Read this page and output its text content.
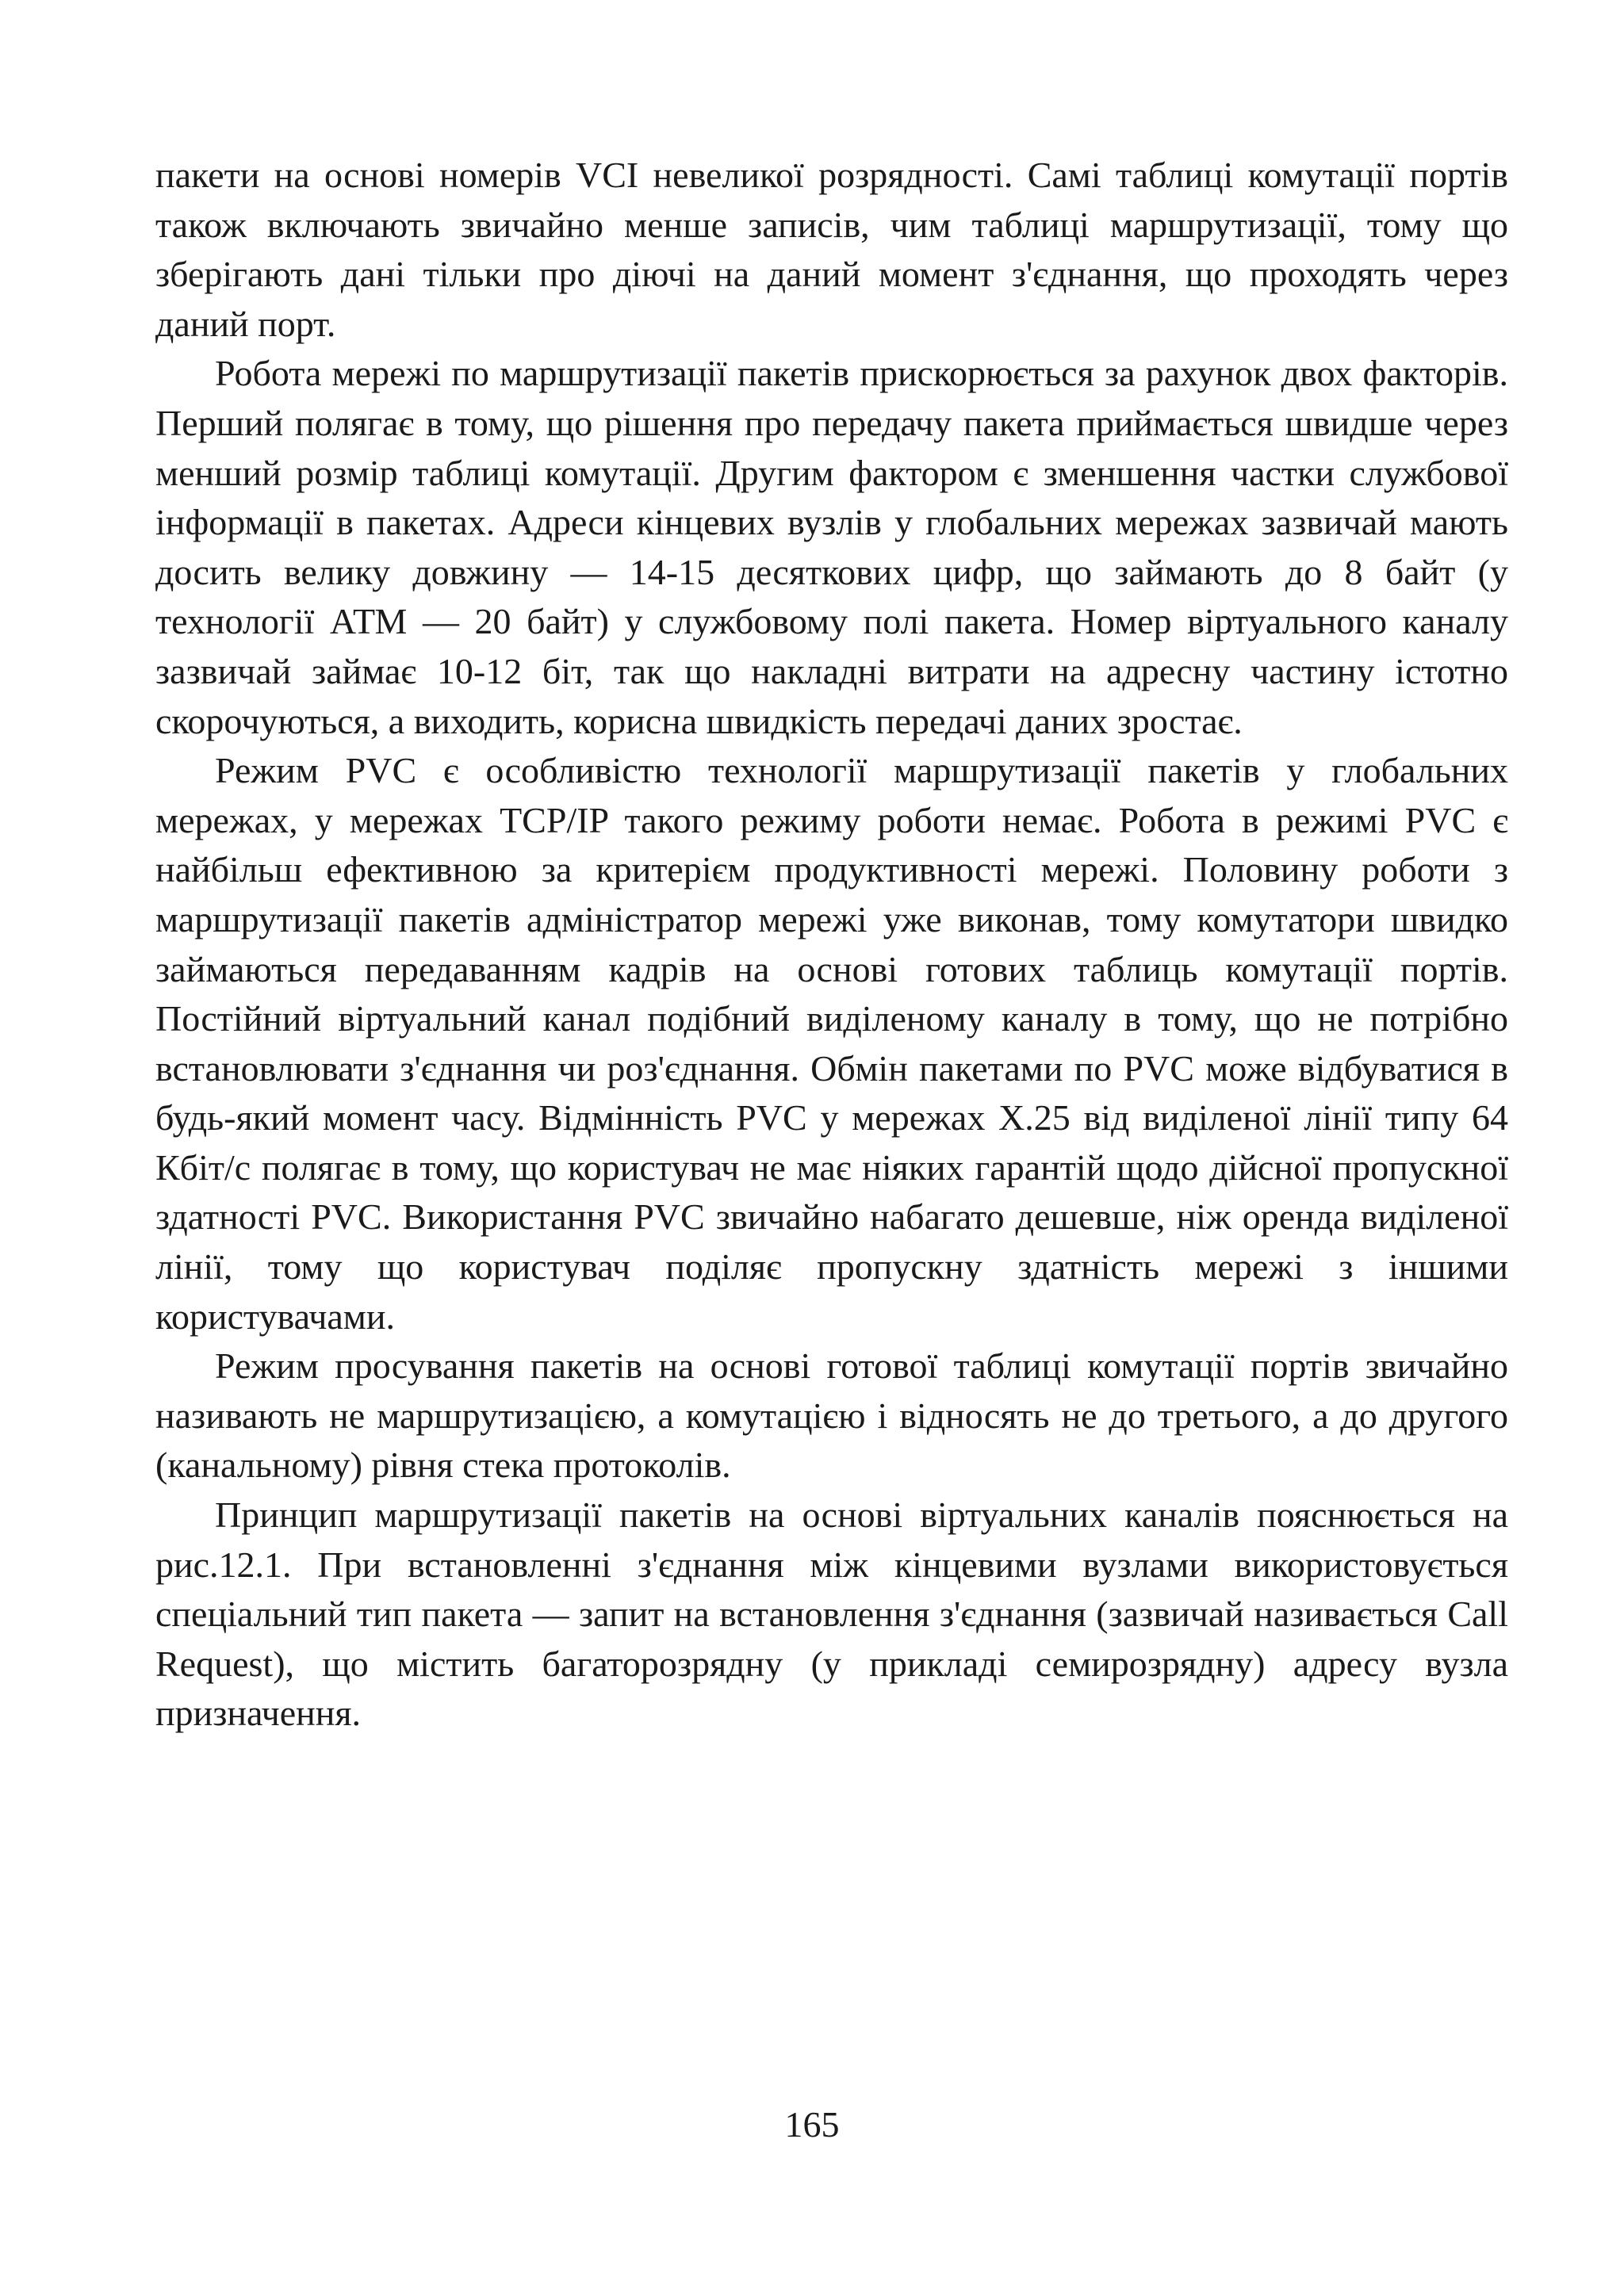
пакети на основі номерів VCI невеликої розрядності. Самі таблиці комутації портів також включають звичайно менше записів, чим таблиці маршрутизації, тому що зберігають дані тільки про діючі на даний момент з'єднання, що проходять через даний порт.

Робота мережі по маршрутизації пакетів прискорюється за рахунок двох факторів. Перший полягає в тому, що рішення про передачу пакета приймається швидше через менший розмір таблиці комутації. Другим фактором є зменшення частки службової інформації в пакетах. Адреси кінцевих вузлів у глобальних мережах зазвичай мають досить велику довжину — 14-15 десяткових цифр, що займають до 8 байт (у технології АТМ — 20 байт) у службовому полі пакета. Номер віртуального каналу зазвичай займає 10-12 біт, так що накладні витрати на адресну частину істотно скорочуються, а виходить, корисна швидкість передачі даних зростає.

Режим PVC є особливістю технології маршрутизації пакетів у глобальних мережах, у мережах TCP/IP такого режиму роботи немає. Робота в режимі PVC є найбільш ефективною за критерієм продуктивності мережі. Половину роботи з маршрутизації пакетів адміністратор мережі уже виконав, тому комутатори швидко займаються передаванням кадрів на основі готових таблиць комутації портів. Постійний віртуальний канал подібний виділеному каналу в тому, що не потрібно встановлювати з'єднання чи роз'єднання. Обмін пакетами по PVC може відбуватися в будь-який момент часу. Відмінність PVC у мережах X.25 від виділеної лінії типу 64 Кбіт/с полягає в тому, що користувач не має ніяких гарантій щодо дійсної пропускної здатності PVC. Використання PVC звичайно набагато дешевше, ніж оренда виділеної лінії, тому що користувач поділяє пропускну здатність мережі з іншими користувачами.

Режим просування пакетів на основі готової таблиці комутації портів звичайно називають не маршрутизацією, а комутацією і відносять не до третього, а до другого (канальному) рівня стека протоколів.

Принцип маршрутизації пакетів на основі віртуальних каналів пояснюється на рис.12.1. При встановленні з'єднання між кінцевими вузлами використовується спеціальний тип пакета — запит на встановлення з'єднання (зазвичай називається Call Request), що містить багаторозрядну (у прикладі семирозрядну) адресу вузла призначення.

165
